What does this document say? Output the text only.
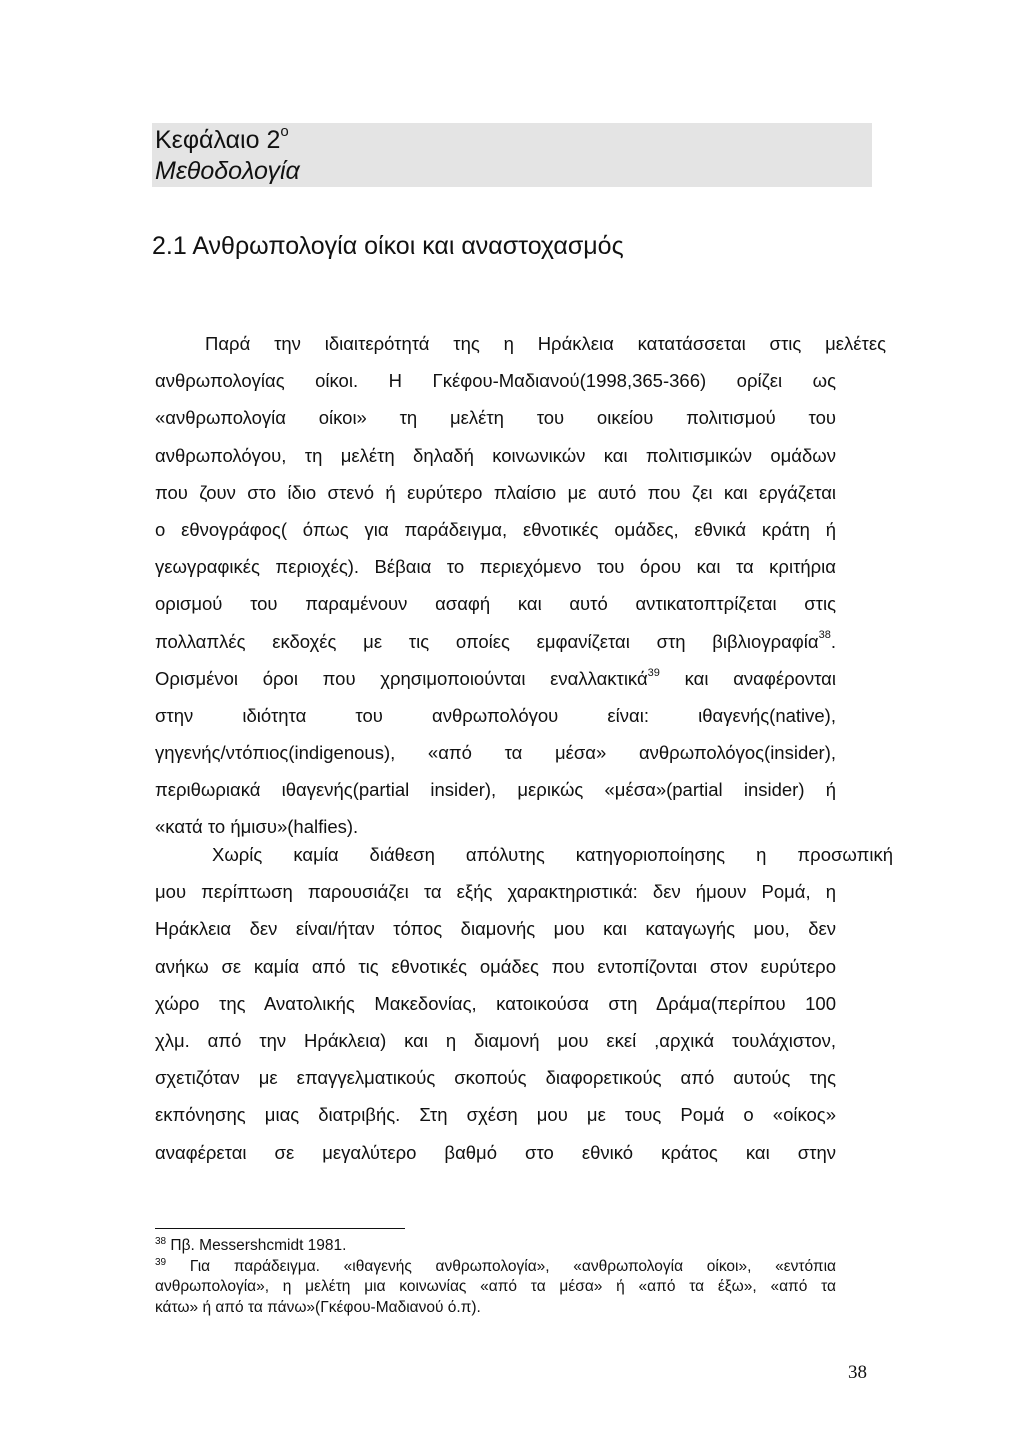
Κεφάλαιο $2^o$
Μεθοδολογία
2.1 Ανθρωπολογία οίκοι και αναστοχασμός
Παρά την ιδιαιτερότητά της η Ηράκλεια κατατάσσεται στις μελέτες
ανθρωπολογίας οίκοι. Η Γκέφου-Μαδιανού(1998,365-366) ορίζει ως
«ανθρωπολογία οίκοι» τη μελέτη του οικείου πολιτισμού του
ανθρωπολόγου, τη μελέτη δηλαδή κοινωνικών και πολιτισμικών ομάδων
που ζουν στο ίδιο στενό ή ευρύτερο πλαίσιο με αυτό που ζει και εργάζεται
ο εθνογράφος( όπως για παράδειγμα, εθνοτικές ομάδες, εθνικά κράτη ή
γεωγραφικές περιοχές). Βέβαια το περιεχόμενο του όρου και τα κριτήρια
ορισμού του παραμένουν ασαφή και αυτό αντικατοπτρίζεται στις
πολλαπλές εκδοχές με τις οποίες εμφανίζεται στη βιβλιογραφία$^{38}$.
Ορισμένοι όροι που χρησιμοποιούνται εναλλακτικά$^{39}$ και αναφέρονται
στην ιδιότητα του ανθρωπολόγου είναι: ιθαγενής(native),
γηγενής/ντόπιος(indigenous), «από τα μέσα» ανθρωπολόγος(insider),
περιθωριακά ιθαγενής(partial insider), μερικώς «μέσα»(partial insider) ή
«κατά το ήμισυ»(halfies).
Χωρίς καμία διάθεση απόλυτης κατηγοριοποίησης η προσωπική
μου περίπτωση παρουσιάζει τα εξής χαρακτηριστικά: δεν ήμουν Ρομά, η
Ηράκλεια δεν είναι/ήταν τόπος διαμονής μου και καταγωγής μου, δεν
ανήκω σε καμία από τις εθνοτικές ομάδες που εντοπίζονται στον ευρύτερο
χώρο της Ανατολικής Μακεδονίας, κατοικούσα στη Δράμα(περίπου 100
χλμ. από την Ηράκλεια) και η διαμονή μου εκεί ,αρχικά τουλάχιστον,
σχετιζόταν με επαγγελματικούς σκοπούς διαφορετικούς από αυτούς της
εκπόνησης μιας διατριβής. Στη σχέση μου με τους Ρομά ο «οίκος»
αναφέρεται σε μεγαλύτερο βαθμό στο εθνικό κράτος και στην
$^{38}$ Πβ. Messershcmidt 1981.
$^{39}$ Για παράδειγμα. «ιθαγενής ανθρωπολογία», «ανθρωπολογία οίκοι», «εντόπια
ανθρωπολογία», η μελέτη μια κοινωνίας «από τα μέσα» ή «από τα έξω», «από τα
κάτω» ή από τα πάνω»(Γκέφου-Μαδιανού ό.π).
38
